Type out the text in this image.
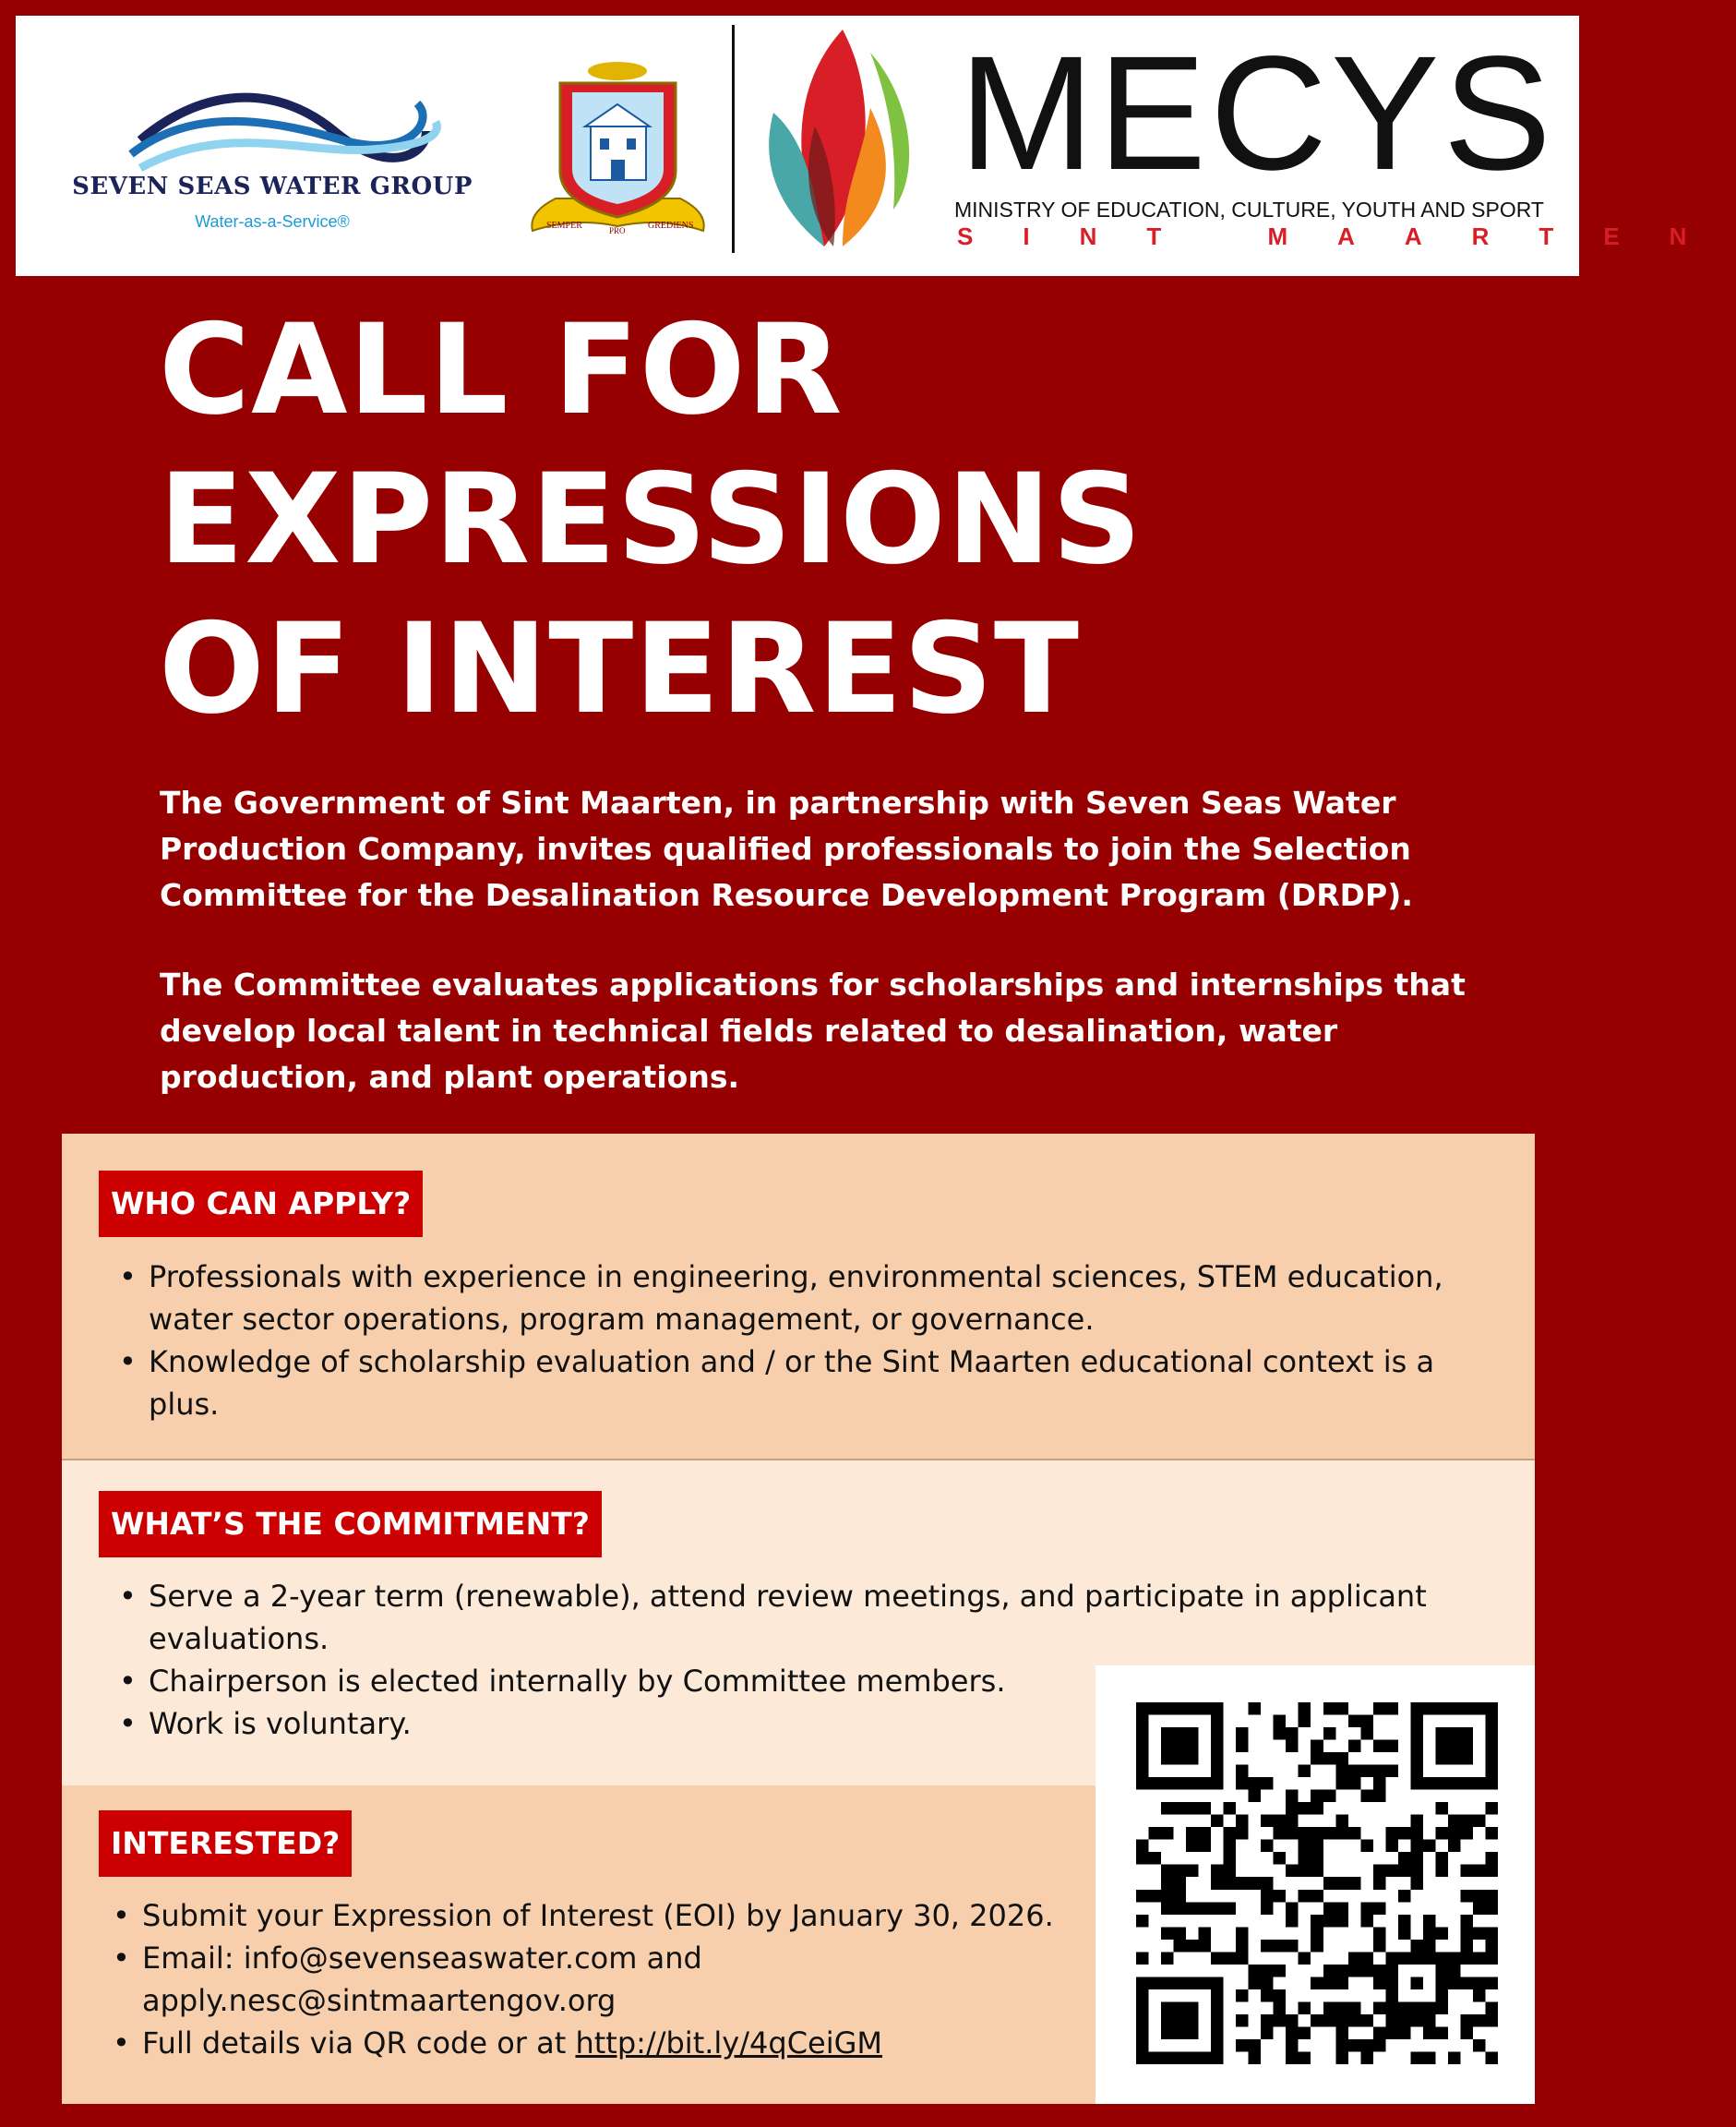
SEVEN SEAS WATER GROUP
Water-as-a-Service®	SEMPER	PRO GREDIENS
MECYS
MINISTRY OF EDUCATION, CULTURE, YOUTH AND SPORT
SINT MAARTEN
CALL FOR
EXPRESSIONS
OF INTEREST

The Government of Sint Maarten, in partnership with Seven Seas Water Production Company, invites qualified professionals to join the Selection Committee for the Desalination Resource Development Program (DRDP).

The Committee evaluates applications for scholarships and internships that develop local talent in technical fields related to desalination, water production, and plant operations.

WHO CAN APPLY?
• Professionals with experience in engineering, environmental sciences, STEM education, water sector operations, program management, or governance.
• Knowledge of scholarship evaluation and / or the Sint Maarten educational context is a plus.
WHAT’S THE COMMITMENT?
• Serve a 2-year term (renewable), attend review meetings, and participate in applicant evaluations.
• Chairperson is elected internally by Committee members.
• Work is voluntary.
INTERESTED?
• Submit your Expression of Interest (EOI) by January 30, 2026.
• Email: info@sevenseaswater.com and
apply.nesc@sintmaartengov.org
• Full details via QR code or at http://bit.ly/4qCeiGM
